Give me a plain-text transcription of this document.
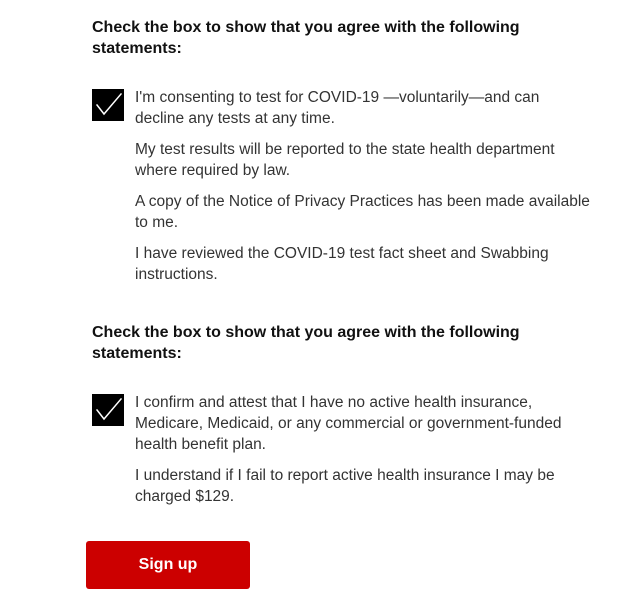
Check the box to show that you agree with the following statements:

I'm consenting to test for COVID-19 —voluntarily—and can decline any tests at any time.

My test results will be reported to the state health department where required by law.

A copy of the Notice of Privacy Practices has been made available to me.

I have reviewed the COVID-19 test fact sheet and Swabbing instructions.

Check the box to show that you agree with the following statements:

I confirm and attest that I have no active health insurance, Medicare, Medicaid, or any commercial or government-funded health benefit plan.

I understand if I fail to report active health insurance I may be charged $129.

Sign up
